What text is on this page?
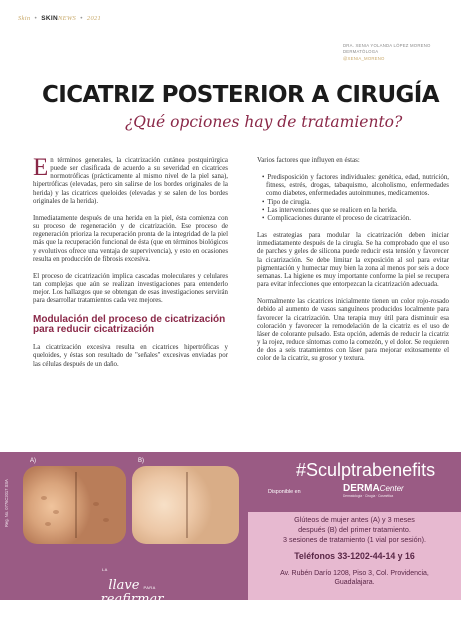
Skin • SKINNEWS • 2021
DRA. XENIA YOLANDA LÓPEZ MORENO
DERMATÓLOGA
@XENIA_MORENO
CICATRIZ POSTERIOR A CIRUGÍA
¿Qué opciones hay de tratamiento?

En términos generales, la cicatrización cutánea postquirúrgica puede ser clasificada de acuerdo a su severidad en cicatrices normotróficas (prácticamente al mismo nivel de la piel sana), hipertróficas (elevadas, pero sin salirse de los bordes originales de la herida) y las cicatrices queloides (elevadas y se salen de los bordes originales de la herida).

Inmediatamente después de una herida en la piel, ésta comienza con su proceso de regeneración y de cicatrización. Ese proceso de regeneración prioriza la recuperación pronta de la integridad de la piel más que la recuperación funcional de ésta (que en términos biológicos y evolutivos ofrece una ventaja de supervivencia), y esto en ocasiones resulta en producción de fibrosis excesiva.

El proceso de cicatrización implica cascadas moleculares y celulares tan complejas que aún se realizan investigaciones para entenderlo mejor. Los hallazgos que se obtengan de esas investigaciones servirán para desarrollar tratamientos cada vez mejores.

Modulación del proceso de cicatrización para reducir cicatrización

La cicatrización excesiva resulta en cicatrices hipertróficas y queloides, y éstas son resultado de "señales" excesivas enviadas por las células después de un daño.

Varios factores que influyen en éstas:

• Predisposición y factores individuales: genética, edad, nutrición, fitness, estrés, drogas, tabaquismo, alcoholismo, enfermedades como diabetes, enfermedades autoinmunes, medicamentos.
• Tipo de cirugía.
• Las intervenciones que se realicen en la herida.
• Complicaciones durante el proceso de cicatrización.

Las estrategias para modular la cicatrización deben iniciar inmediatamente después de la cirugía. Se ha comprobado que el uso de parches y geles de silicona puede reducir esta tensión y favorecer la cicatrización. Se debe limitar la exposición al sol para evitar pigmentación y humectar muy bien la zona al menos por seis a doce semanas. La higiene es muy importante conforme la piel se recupera para evitar infecciones que entorpezcan la cicatrización adecuada.

Normalmente las cicatrices inicialmente tienen un color rojo-rosado debido al aumento de vasos sanguíneos producidos localmente para favorecer la cicatrización. Una terapia muy útil para disminuir esa coloración y favorecer la remodelación de la cicatriz es el uso de láser de colorante pulsado. Esta opción, además de reducir la cicatriz y la rojez, reduce síntomas como la comezón, y el dolor. Se requieren de dos a seis tratamientos con láser para mejorar exitosamente el color de la cicatriz, su grosor y textura.

Reg. No. 0776C2017 SSA
A)	B)	#Sculptrabenefits
Disponible en	DERMACenter
Dermatología · Cirugía · Cosmética
Glúteos de mujer antes (A) y 3 meses
después (B) del primer tratamiento.
3 sesiones de tratamiento (1 vial por sesión).
Teléfonos 33-1202-44-14 y 16
Av. Rubén Darío 1208, Piso 3, Col. Providencia,
Guadalajara.
LA
llave PARA
reafirmar
TU PIEL
